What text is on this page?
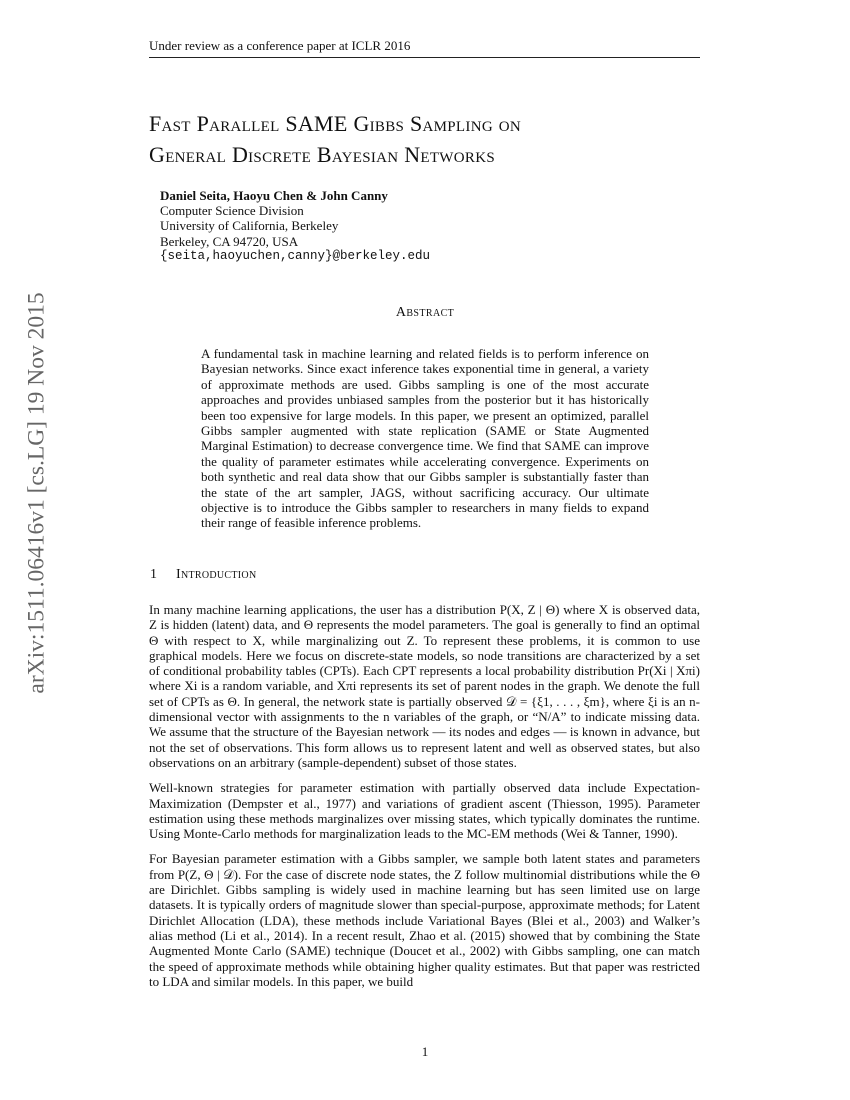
Under review as a conference paper at ICLR 2016
arXiv:1511.06416v1 [cs.LG] 19 Nov 2015
Fast Parallel SAME Gibbs Sampling on
General Discrete Bayesian Networks
Daniel Seita, Haoyu Chen & John Canny
Computer Science Division
University of California, Berkeley
Berkeley, CA 94720, USA
{seita,haoyuchen,canny}@berkeley.edu
Abstract
A fundamental task in machine learning and related fields is to perform inference on Bayesian networks. Since exact inference takes exponential time in general, a variety of approximate methods are used. Gibbs sampling is one of the most accurate approaches and provides unbiased samples from the posterior but it has historically been too expensive for large models. In this paper, we present an optimized, parallel Gibbs sampler augmented with state replication (SAME or State Augmented Marginal Estimation) to decrease convergence time. We find that SAME can improve the quality of parameter estimates while accelerating convergence. Experiments on both synthetic and real data show that our Gibbs sampler is substantially faster than the state of the art sampler, JAGS, without sacrificing accuracy. Our ultimate objective is to introduce the Gibbs sampler to researchers in many fields to expand their range of feasible inference problems.
1 Introduction

In many machine learning applications, the user has a distribution P(X, Z | Θ) where X is observed data, Z is hidden (latent) data, and Θ represents the model parameters. The goal is generally to find an optimal Θ with respect to X, while marginalizing out Z. To represent these problems, it is common to use graphical models. Here we focus on discrete-state models, so node transitions are characterized by a set of conditional probability tables (CPTs). Each CPT represents a local probability distribution Pr(Xi | Xπi) where Xi is a random variable, and Xπi represents its set of parent nodes in the graph. We denote the full set of CPTs as Θ. In general, the network state is partially observed 𝒟 = {ξ1, . . . , ξm}, where ξi is an n-dimensional vector with assignments to the n variables of the graph, or “N/A” to indicate missing data. We assume that the structure of the Bayesian network — its nodes and edges — is known in advance, but not the set of observations. This form allows us to represent latent and well as observed states, but also observations on an arbitrary (sample-dependent) subset of those states.

Well-known strategies for parameter estimation with partially observed data include Expectation-Maximization (Dempster et al., 1977) and variations of gradient ascent (Thiesson, 1995). Parameter estimation using these methods marginalizes over missing states, which typically dominates the runtime. Using Monte-Carlo methods for marginalization leads to the MC-EM methods (Wei & Tanner, 1990).

For Bayesian parameter estimation with a Gibbs sampler, we sample both latent states and parameters from P(Z, Θ | 𝒟). For the case of discrete node states, the Z follow multinomial distributions while the Θ are Dirichlet. Gibbs sampling is widely used in machine learning but has seen limited use on large datasets. It is typically orders of magnitude slower than special-purpose, approximate methods; for Latent Dirichlet Allocation (LDA), these methods include Variational Bayes (Blei et al., 2003) and Walker’s alias method (Li et al., 2014). In a recent result, Zhao et al. (2015) showed that by combining the State Augmented Monte Carlo (SAME) technique (Doucet et al., 2002) with Gibbs sampling, one can match the speed of approximate methods while obtaining higher quality estimates. But that paper was restricted to LDA and similar models. In this paper, we build

1
